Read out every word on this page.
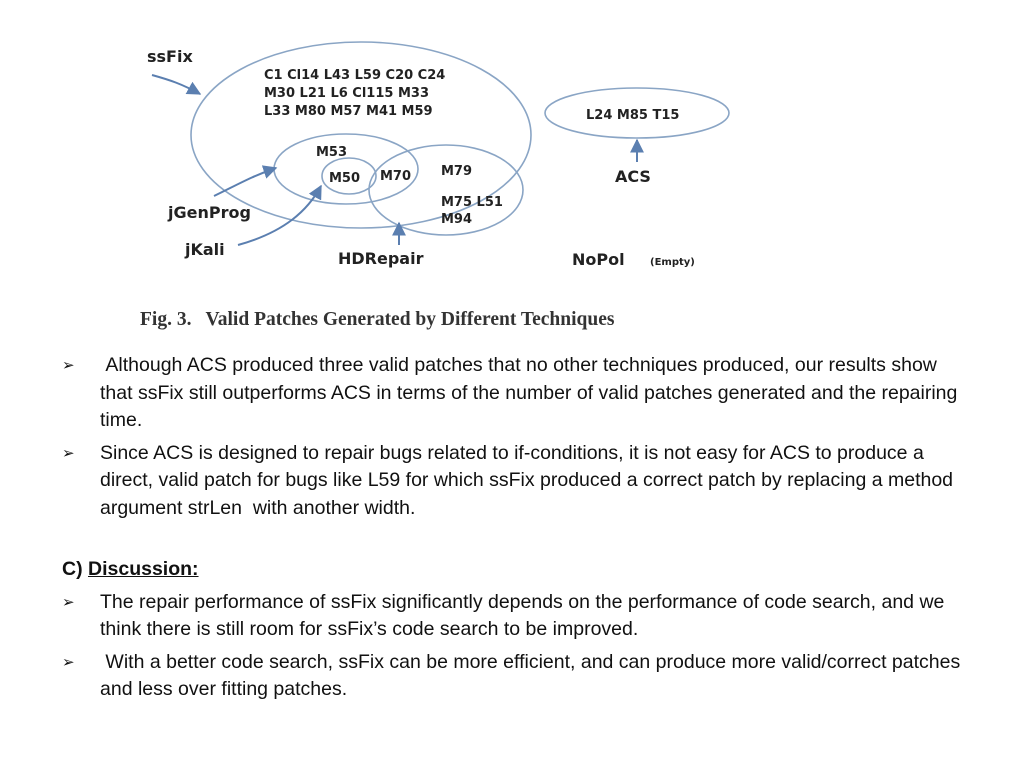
ssFix
C1 Cl14 L43 L59 C20 C24
M30 L21 L6 Cl115 M33
L33 M80 M57 M41 M59
M53
M50 M70 M79
M75 L51
M94
jGenProg
jKali	HDRepair
L24 M85 T15
ACS
NoPol	(Empty)
Fig. 3. Valid Patches Generated by Different Techniques
➢ Although ACS produced three valid patches that no other techniques produced, our results show that ssFix still outperforms ACS in terms of the number of valid patches generated and the repairing time.
➢ Since ACS is designed to repair bugs related to if-conditions, it is not easy for ACS to produce a direct, valid patch for bugs like L59 for which ssFix produced a correct patch by replacing a method argument strLen  with another width.
C) Discussion:
➢ The repair performance of ssFix significantly depends on the performance of code search, and we think there is still room for ssFix’s code search to be improved.
➢ With a better code search, ssFix can be more efficient, and can produce more valid/correct patches and less over fitting patches.
